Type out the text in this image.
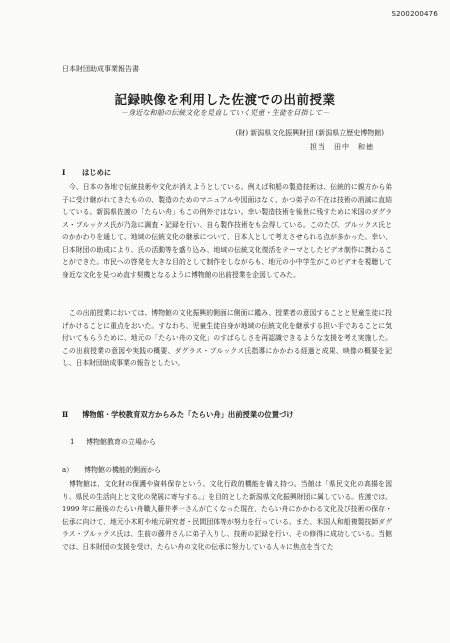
S200200476
日本財団助成事業報告書
記録映像を利用した佐渡での出前授業
－身近な和船の伝統文化を見直していく児童・生徒を目指して－
(財) 新潟県文化振興財団 (新潟県立歴史博物館)
担当　田中　和徳
Ⅰ はじめに

今、日本の各地で伝統技術や文化が消えようとしている。例えば和船の製造技術は、伝統的に親方から弟子に受け継がれてきたものの、製造のためのマニュアルや図面はなく、かつ弟子の不在は技術の消滅に直結している。新潟県佐渡の「たらい舟」もこの例外ではない。幸い製造技術を後世に残すために米国のダグラス・ブルックス氏が乃急に調査・記録を行い、自ら製作技術をも会得している。このたび、ブルックス氏とのかかわりを通して、地域の伝統文化の継承について、日本人として考えさせられる点が多かった。幸い、日本財団の助成により、氏の活動等を盛り込み、地域の伝統文化復活をテーマとしたビデオ制作に携わることができた。市民への啓発を大きな目的として制作をしながらも、地元の小中学生がこのビデオを視聴して身近な文化を見つめ直す契機となるように博物館の出前授業を企図してみた。

この出前授業においては、博物館の文化振興的側面に側面に鑑み、授業者の意図することと児童生徒に投げかけることに重点をおいた。すなわち、児童生徒自身が地域の伝統文化を継承する担い手であることに気付いてもらうために、地元の「たらい舟の文化」のすばらしさを再認識できるような支援を考え実施した。この出前授業の意図や実践の概要、ダグラス・ブルックス氏指導にかかわる経過と成果、映像の概要を記し、日本財団助成事業の報告としたい。

Ⅱ 博物館・学校教育双方からみた「たらい舟」出前授業の位置づけ
1 博物館教育の立場から
a） 博物館の機能的側面から

博物館は、文化財の保護や資料保存という、文化行政的機能を備え持つ。当館は「県民文化の高揚を図り、県民の生活向上と文化の発展に寄与する。」を目的とした新潟県文化振興財団に属している。佐渡では、1999 年に最後のたらい舟職人藤井孝一さんが亡くなった現在、たらい舟にかかわる文化及び技術の保存・伝承に向けて、地元小木町や地元研究者・民間団体等が努力を行っている。また、米国人和船複製技師ダグラス・ブルックス氏は、生前の藤井さんに弟子入りし、技術の記録を行い、その修得に成功している。当館では、日本財団の支援を受け、たらい舟の文化の伝承に努力している人々に焦点を当てた
